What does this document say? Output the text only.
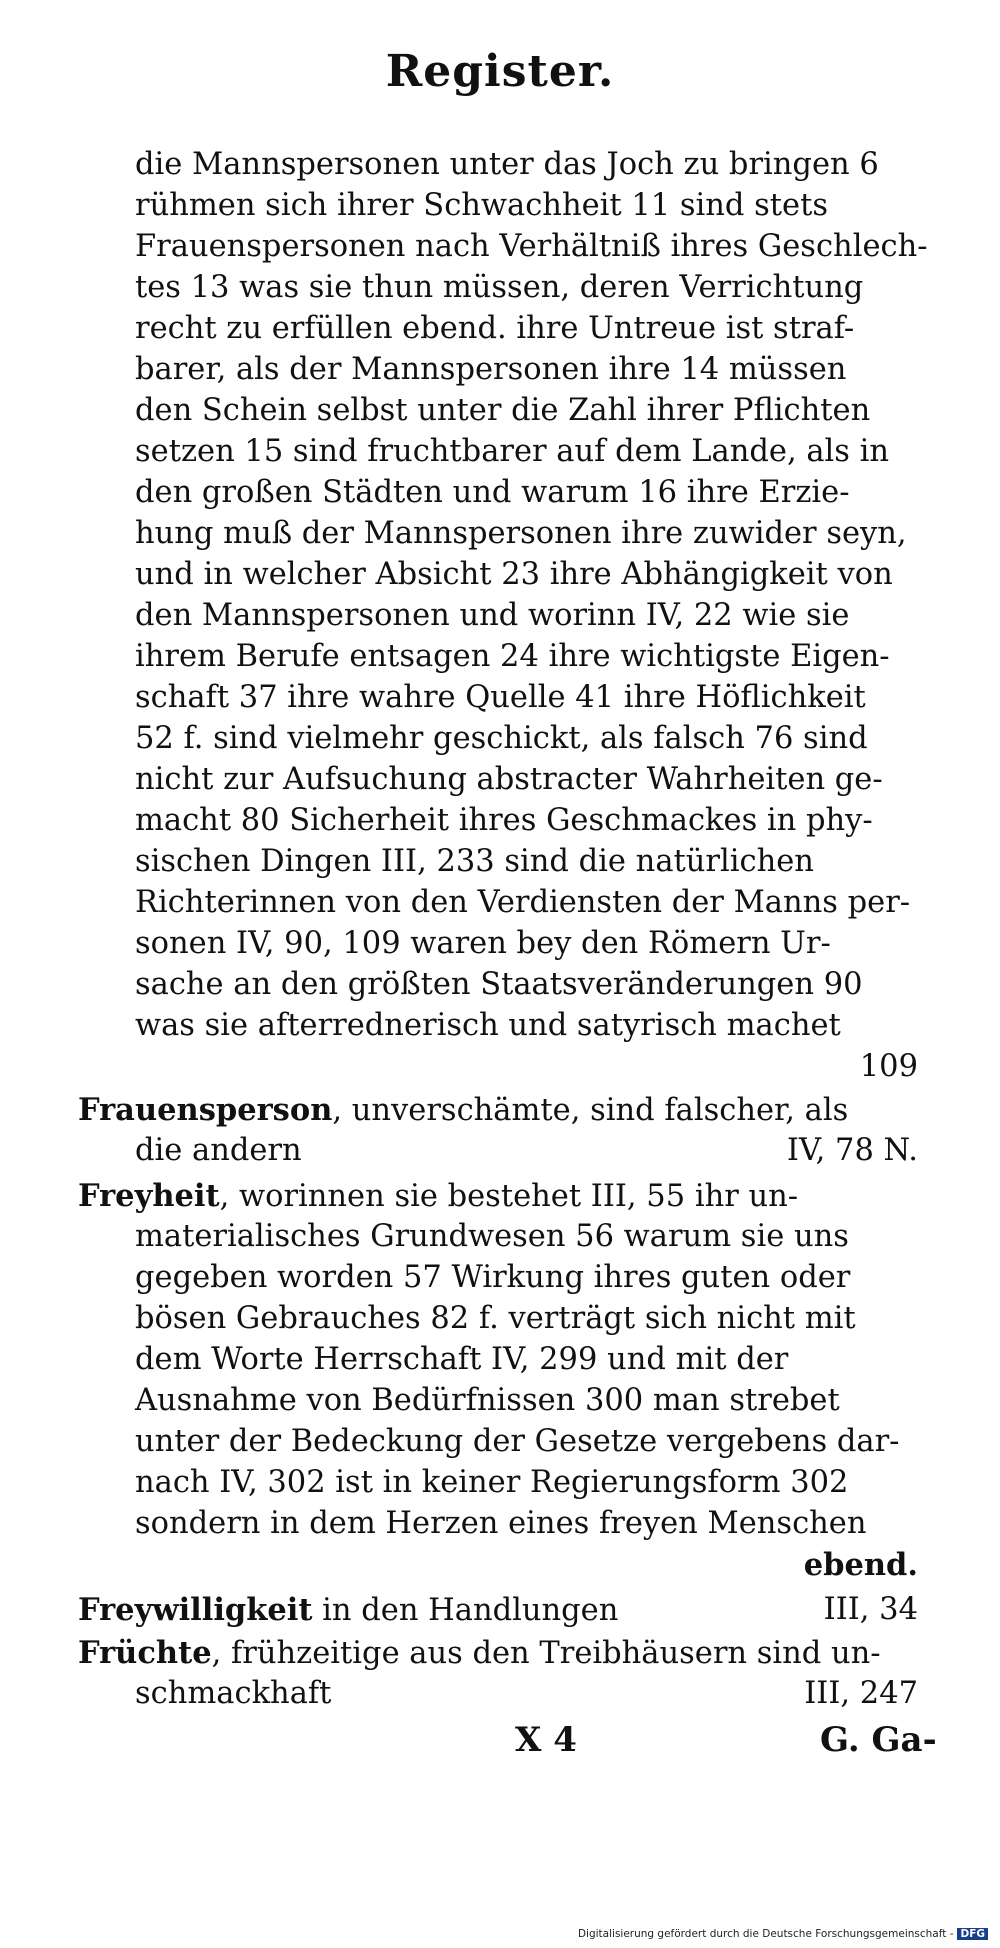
Register.
die Mannspersonen unter das Joch zu bringen 6
rühmen sich ihrer Schwachheit 11 sind stets
Frauenspersonen nach Verhältniß ihres Geschlech-
tes 13 was sie thun müssen, deren Verrichtung
recht zu erfüllen ebend. ihre Untreue ist straf-
barer, als der Mannspersonen ihre 14 müssen
den Schein selbst unter die Zahl ihrer Pflichten
setzen 15 sind fruchtbarer auf dem Lande, als in
den großen Städten und warum 16 ihre Erzie-
hung muß der Mannspersonen ihre zuwider seyn,
und in welcher Absicht 23 ihre Abhängigkeit von
den Mannspersonen und worinn IV, 22 wie sie
ihrem Berufe entsagen 24 ihre wichtigste Eigen-
schaft 37 ihre wahre Quelle 41 ihre Höflichkeit
52 f. sind vielmehr geschickt, als falsch 76 sind
nicht zur Aufsuchung abstracter Wahrheiten ge-
macht 80 Sicherheit ihres Geschmackes in phy-
sischen Dingen III, 233 sind die natürlichen
Richterinnen von den Verdiensten der Manns per-
sonen IV, 90, 109 waren bey den Römern Ur-
sache an den größten Staatsveränderungen 90
was sie afterrednerisch und satyrisch machet
109
Frauensperson, unverschämte, sind falscher, als
die andern	IV, 78 N.
Freyheit, worinnen sie bestehet III, 55 ihr un-
materialisches Grundwesen 56 warum sie uns
gegeben worden 57 Wirkung ihres guten oder
bösen Gebrauches 82 f. verträgt sich nicht mit
dem Worte Herrschaft IV, 299 und mit der
Ausnahme von Bedürfnissen 300 man strebet
unter der Bedeckung der Gesetze vergebens dar-
nach IV, 302 ist in keiner Regierungsform 302
sondern in dem Herzen eines freyen Menschen
ebend.
Freywilligkeit in den Handlungen	III, 34
Früchte, frühzeitige aus den Treibhäusern sind un-
schmackhaft	III, 247
X 4	G. Ga-
Digitalisierung gefördert durch die Deutsche Forschungsgemeinschaft - DFG
